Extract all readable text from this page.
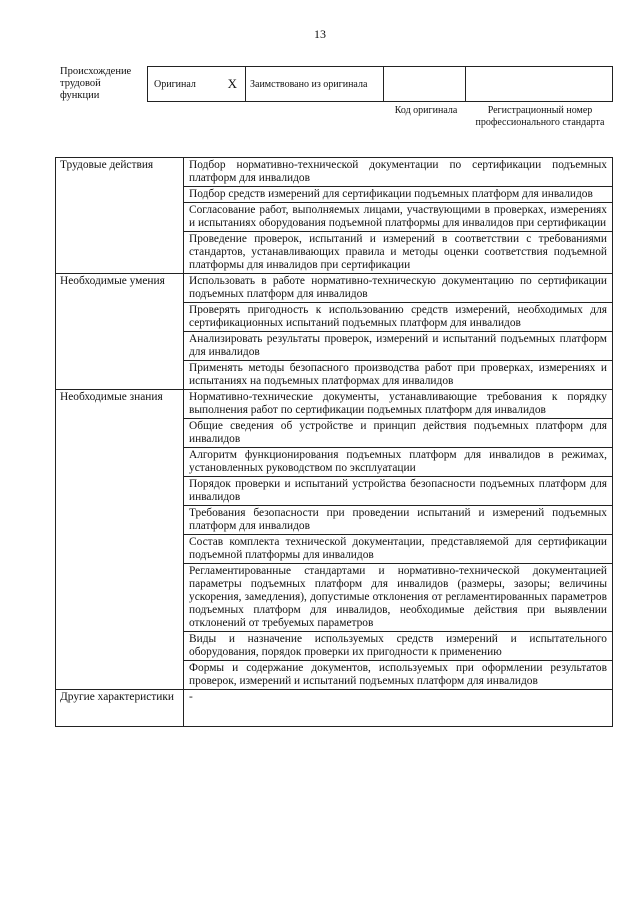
13
Происхождение трудовой функции
Оригинал X Заимствовано из оригинала
Код оригинала	Регистрационный номер профессионального стандарта
Трудовые действия	Подбор нормативно-технической документации по сертификации подъемных платформ для инвалидов
	Подбор средств измерений для сертификации подъемных платформ для инвалидов
	Согласование работ, выполняемых лицами, участвующими в проверках, измерениях и испытаниях оборудования подъемной платформы для инвалидов при сертификации
	Проведение проверок, испытаний и измерений в соответствии с требованиями стандартов, устанавливающих правила и методы оценки соответствия подъемной платформы для инвалидов при сертификации
Необходимые умения	Использовать в работе нормативно-техническую документацию по сертификации подъемных платформ для инвалидов
	Проверять пригодность к использованию средств измерений, необходимых для сертификационных испытаний подъемных платформ для инвалидов
	Анализировать результаты проверок, измерений и испытаний подъемных платформ для инвалидов
	Применять методы безопасного производства работ при проверках, измерениях и испытаниях на подъемных платформах для инвалидов
Необходимые знания	Нормативно-технические документы, устанавливающие требования к порядку выполнения работ по сертификации подъемных платформ для инвалидов
	Общие сведения об устройстве и принцип действия подъемных платформ для инвалидов
	Алгоритм функционирования подъемных платформ для инвалидов в режимах, установленных руководством по эксплуатации
	Порядок проверки и испытаний устройства безопасности подъемных платформ для инвалидов
	Требования безопасности при проведении испытаний и измерений подъемных платформ для инвалидов
	Состав комплекта технической документации, представляемой для сертификации подъемной платформы для инвалидов
	Регламентированные стандартами и нормативно-технической документацией параметры подъемных платформ для инвалидов (размеры, зазоры; величины ускорения, замедления), допустимые отклонения от регламентированных параметров подъемных платформ для инвалидов, необходимые действия при выявлении отклонений от требуемых параметров
	Виды и назначение используемых средств измерений и испытательного оборудования, порядок проверки их пригодности к применению
	Формы и содержание документов, используемых при оформлении результатов проверок, измерений и испытаний подъемных платформ для инвалидов
Другие характеристики	-
